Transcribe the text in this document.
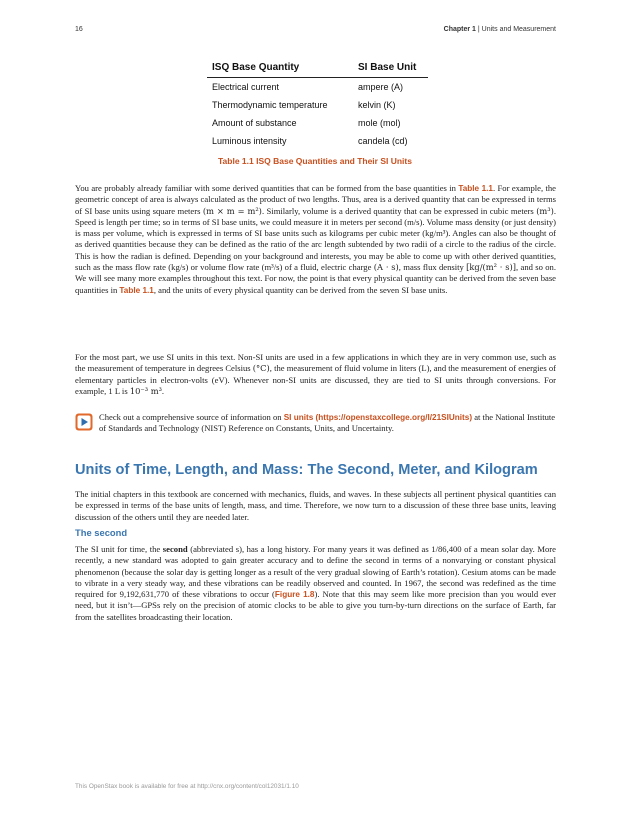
16	Chapter 1 | Units and Measurement
ISQ Base Quantity	SI Base Unit
Electrical current	ampere (A)
Thermodynamic temperature	kelvin (K)
Amount of substance	mole (mol)
Luminous intensity	candela (cd)
Table 1.1 ISQ Base Quantities and Their SI Units

You are probably already familiar with some derived quantities that can be formed from the base quantities in Table 1.1. For example, the geometric concept of area is always calculated as the product of two lengths. Thus, area is a derived quantity that can be expressed in terms of SI base units using square meters (m × m = m²). Similarly, volume is a derived quantity that can be expressed in cubic meters (m³). Speed is length per time; so in terms of SI base units, we could measure it in meters per second (m/s). Volume mass density (or just density) is mass per volume, which is expressed in terms of SI base units such as kilograms per cubic meter (kg/m³). Angles can also be thought of as derived quantities because they can be defined as the ratio of the arc length subtended by two radii of a circle to the radius of the circle. This is how the radian is defined. Depending on your background and interests, you may be able to come up with other derived quantities, such as the mass flow rate (kg/s) or volume flow rate (m³/s) of a fluid, electric charge (A · s), mass flux density [kg/(m² · s)], and so on. We will see many more examples throughout this text. For now, the point is that every physical quantity can be derived from the seven base quantities in Table 1.1, and the units of every physical quantity can be derived from the seven SI base units.

For the most part, we use SI units in this text. Non-SI units are used in a few applications in which they are in very common use, such as the measurement of temperature in degrees Celsius (°C), the measurement of fluid volume in liters (L), and the measurement of energies of elementary particles in electron-volts (eV). Whenever non-SI units are discussed, they are tied to SI units through conversions. For example, 1 L is 10⁻³ m³.

Check out a comprehensive source of information on SI units (https://openstaxcollege.org/l/21SIUnits) at the National Institute of Standards and Technology (NIST) Reference on Constants, Units, and Uncertainty.
Units of Time, Length, and Mass: The Second, Meter, and Kilogram

The initial chapters in this textbook are concerned with mechanics, fluids, and waves. In these subjects all pertinent physical quantities can be expressed in terms of the base units of length, mass, and time. Therefore, we now turn to a discussion of these three base units, leaving discussion of the others until they are needed later.

The second

The SI unit for time, the second (abbreviated s), has a long history. For many years it was defined as 1/86,400 of a mean solar day. More recently, a new standard was adopted to gain greater accuracy and to define the second in terms of a nonvarying or constant physical phenomenon (because the solar day is getting longer as a result of the very gradual slowing of Earth’s rotation). Cesium atoms can be made to vibrate in a very steady way, and these vibrations can be readily observed and counted. In 1967, the second was redefined as the time required for 9,192,631,770 of these vibrations to occur (Figure 1.8). Note that this may seem like more precision than you would ever need, but it isn’t—GPSs rely on the precision of atomic clocks to be able to give you turn-by-turn directions on the surface of Earth, far from the satellites broadcasting their location.

This OpenStax book is available for free at http://cnx.org/content/col12031/1.10
